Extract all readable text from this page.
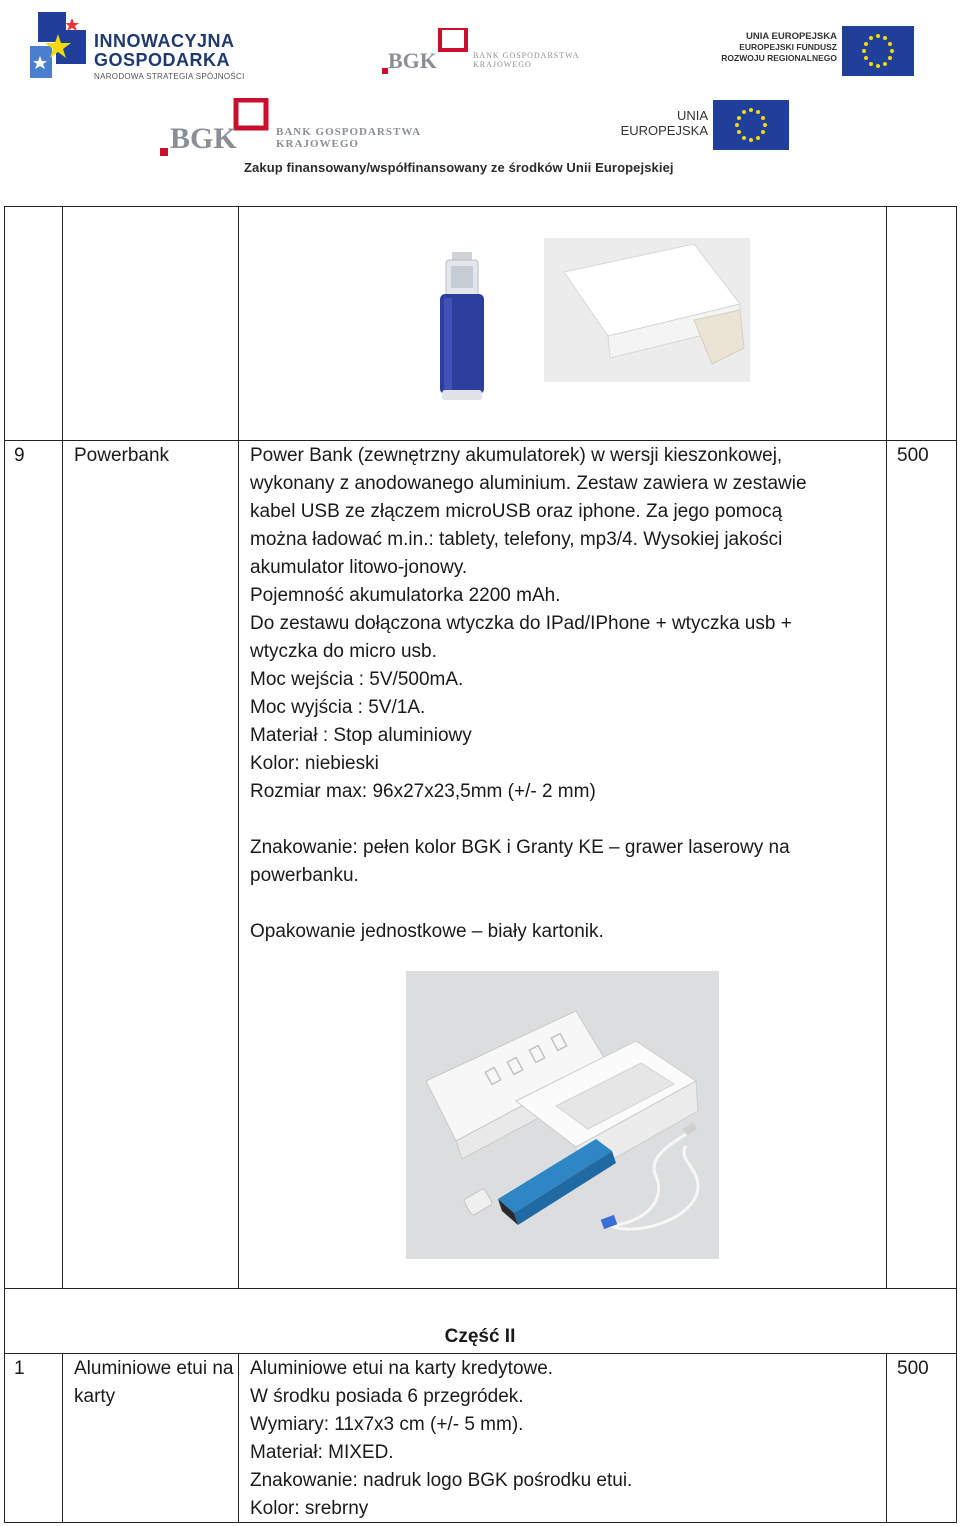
INNOWACYJNA
GOSPODARKA
NARODOWA STRATEGIA SPÓJNOŚCI
BGK	BANK GOSPODARSTWA
KRAJOWEGO
UNIA EUROPEJSKA
EUROPEJSKI FUNDUSZ
ROZWOJU REGIONALNEGO
BGK	BANK GOSPODARSTWA
KRAJOWEGO
UNIA
EUROPEJSKA
Zakup finansowany/współfinansowany ze środków Unii Europejskiej
9	Powerbank	Power Bank (zewnętrzny akumulatorek) w wersji kieszonkowej,
wykonany z anodowanego aluminium. Zestaw zawiera w zestawie
kabel USB ze złączem microUSB oraz iphone. Za jego pomocą
można ładować m.in.: tablety, telefony, mp3/4. Wysokiej jakości
akumulator litowo-jonowy.
Pojemność akumulatorka 2200 mAh.
Do zestawu dołączona wtyczka do IPad/IPhone + wtyczka usb +
wtyczka do micro usb.
Moc wejścia : 5V/500mA.
Moc wyjścia : 5V/1A.
Materiał : Stop aluminiowy
Kolor: niebieski
Rozmiar max: 96x27x23,5mm (+/- 2 mm)
Znakowanie: pełen kolor BGK i Granty KE – grawer laserowy na
powerbanku.
Opakowanie jednostkowe – biały kartonik.
500
Część II
1	Aluminiowe etui na karty
Aluminiowe etui na karty kredytowe.
W środku posiada 6 przegródek.
Wymiary: 11x7x3 cm (+/- 5 mm).
Materiał: MIXED.
Znakowanie: nadruk logo BGK pośrodku etui.
Kolor: srebrny
500
